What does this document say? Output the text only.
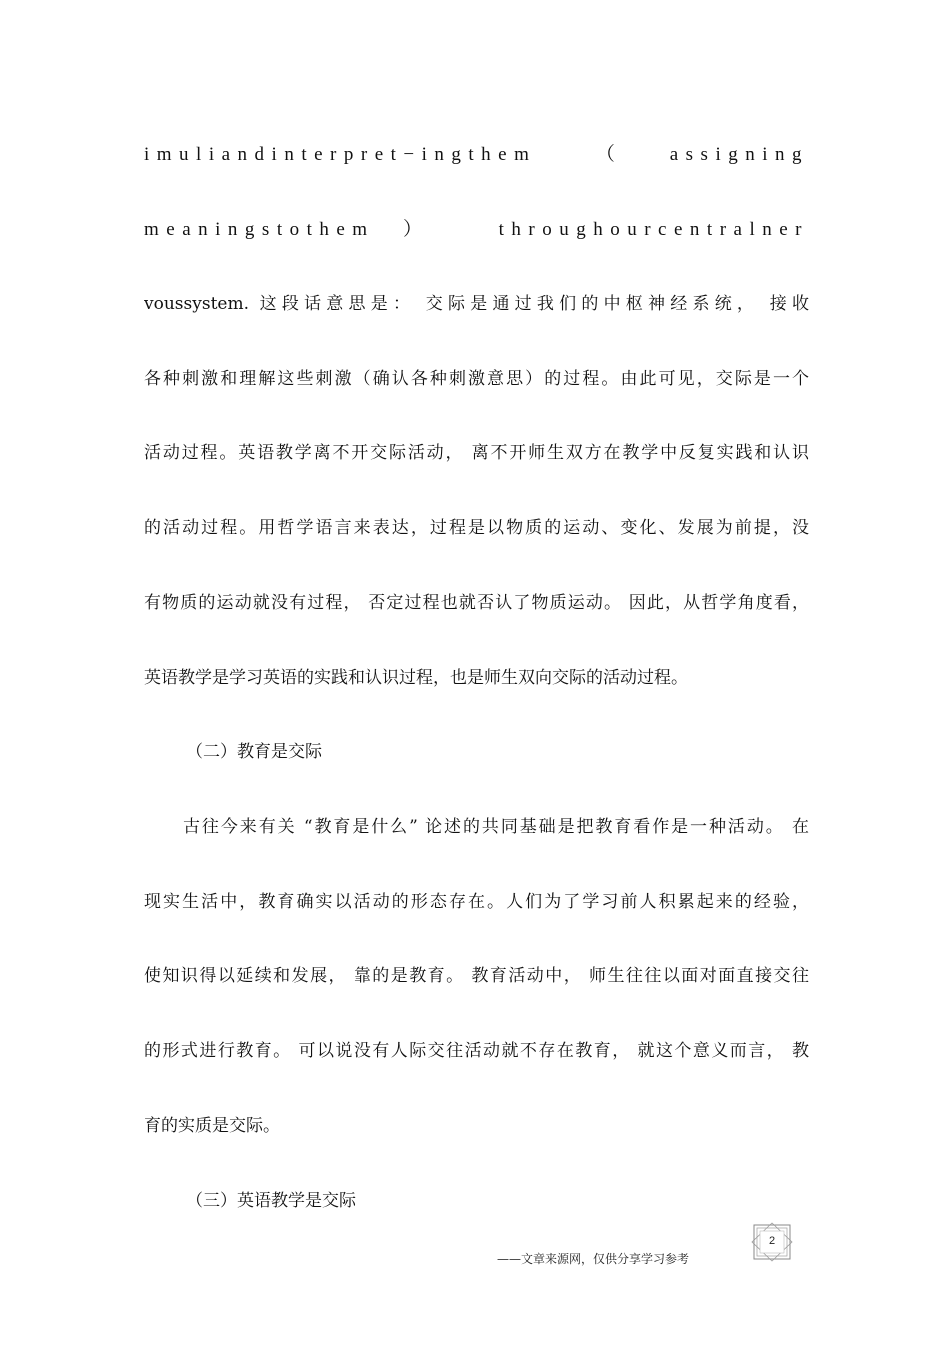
imuliandinterpret−ingthem （assigning
meaningstothem） throughourcentralner
voussystem. 这段话意思是： 交际是通过我们的中枢神经系统， 接收
各种刺激和理解这些刺激（确认各种刺激意思）的过程。由此可见，交际是一个
活动过程。英语教学离不开交际活动， 离不开师生双方在教学中反复实践和认识
的活动过程。用哲学语言来表达，过程是以物质的运动、变化、发展为前提，没
有物质的运动就没有过程， 否定过程也就否认了物质运动。 因此，从哲学角度看，
英语教学是学习英语的实践和认识过程，也是师生双向交际的活动过程。
（二）教育是交际
古往今来有关 “教育是什么” 论述的共同基础是把教育看作是一种活动。 在
现实生活中，教育确实以活动的形态存在。人们为了学习前人积累起来的经验，
使知识得以延续和发展， 靠的是教育。 教育活动中， 师生往往以面对面直接交往
的形式进行教育。 可以说没有人际交往活动就不存在教育， 就这个意义而言， 教
育的实质是交际。
（三）英语教学是交际
2
——文章来源网，仅供分享学习参考
